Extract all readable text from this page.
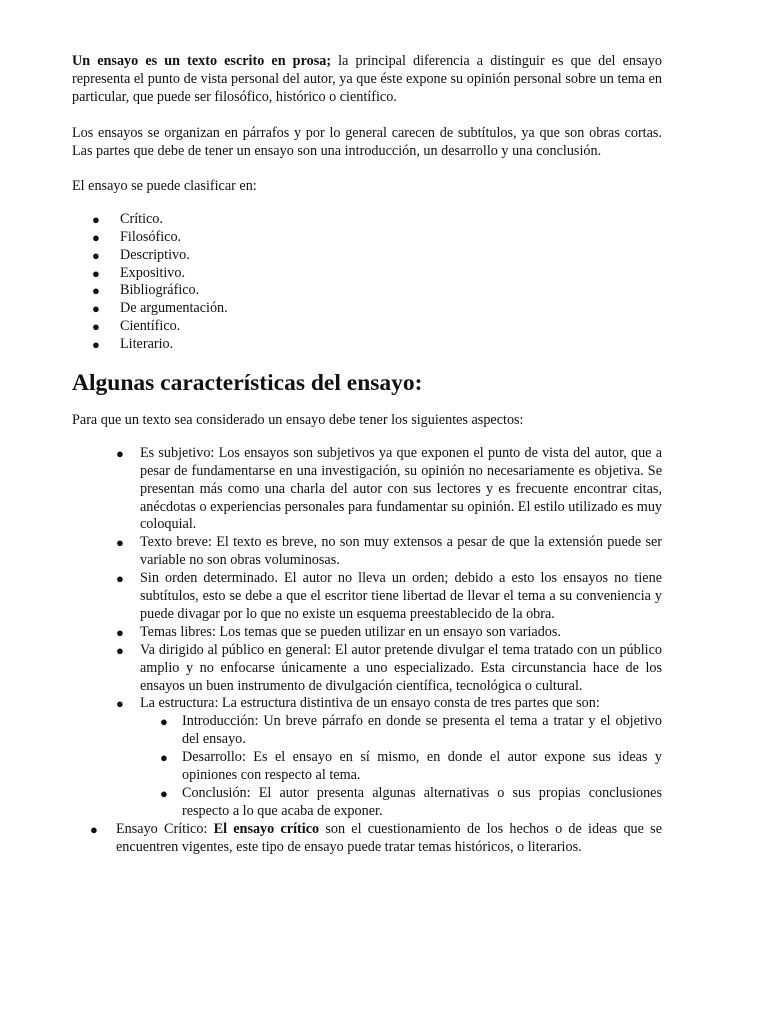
Un ensayo es un texto escrito en prosa; la principal diferencia a distinguir es que del ensayo representa el punto de vista personal del autor, ya que éste expone su opinión personal sobre un tema en particular, que puede ser filosófico, histórico o científico.

Los ensayos se organizan en párrafos y por lo general carecen de subtítulos, ya que son obras cortas. Las partes que debe de tener un ensayo son una introducción, un desarrollo y una conclusión.

El ensayo se puede clasificar en:

● Crítico.
● Filosófico.
● Descriptivo.
● Expositivo.
● Bibliográfico.
● De argumentación.
● Científico.
● Literario.
Algunas características del ensayo:

Para que un texto sea considerado un ensayo debe tener los siguientes aspectos:

● Es subjetivo: Los ensayos son subjetivos ya que exponen el punto de vista del autor, que a pesar de fundamentarse en una investigación, su opinión no necesariamente es objetiva. Se presentan más como una charla del autor con sus lectores y es frecuente encontrar citas, anécdotas o experiencias personales para fundamentar su opinión. El estilo utilizado es muy coloquial.
● Texto breve: El texto es breve, no son muy extensos a pesar de que la extensión puede ser variable no son obras voluminosas.
● Sin orden determinado. El autor no lleva un orden; debido a esto los ensayos no tiene subtítulos, esto se debe a que el escritor tiene libertad de llevar el tema a su conveniencia y puede divagar por lo que no existe un esquema preestablecido de la obra.
● Temas libres: Los temas que se pueden utilizar en un ensayo son variados.
● Va dirigido al público en general: El autor pretende divulgar el tema tratado con un público amplio y no enfocarse únicamente a uno especializado. Esta circunstancia hace de los ensayos un buen instrumento de divulgación científica, tecnológica o cultural.
● La estructura: La estructura distintiva de un ensayo consta de tres partes que son:
● Introducción: Un breve párrafo en donde se presenta el tema a tratar y el objetivo del ensayo.
● Desarrollo: Es el ensayo en sí mismo, en donde el autor expone sus ideas y opiniones con respecto al tema.
● Conclusión: El autor presenta algunas alternativas o sus propias conclusiones respecto a lo que acaba de exponer.
● Ensayo Crítico: El ensayo crítico son el cuestionamiento de los hechos o de ideas que se encuentren vigentes, este tipo de ensayo puede tratar temas históricos, o literarios.
